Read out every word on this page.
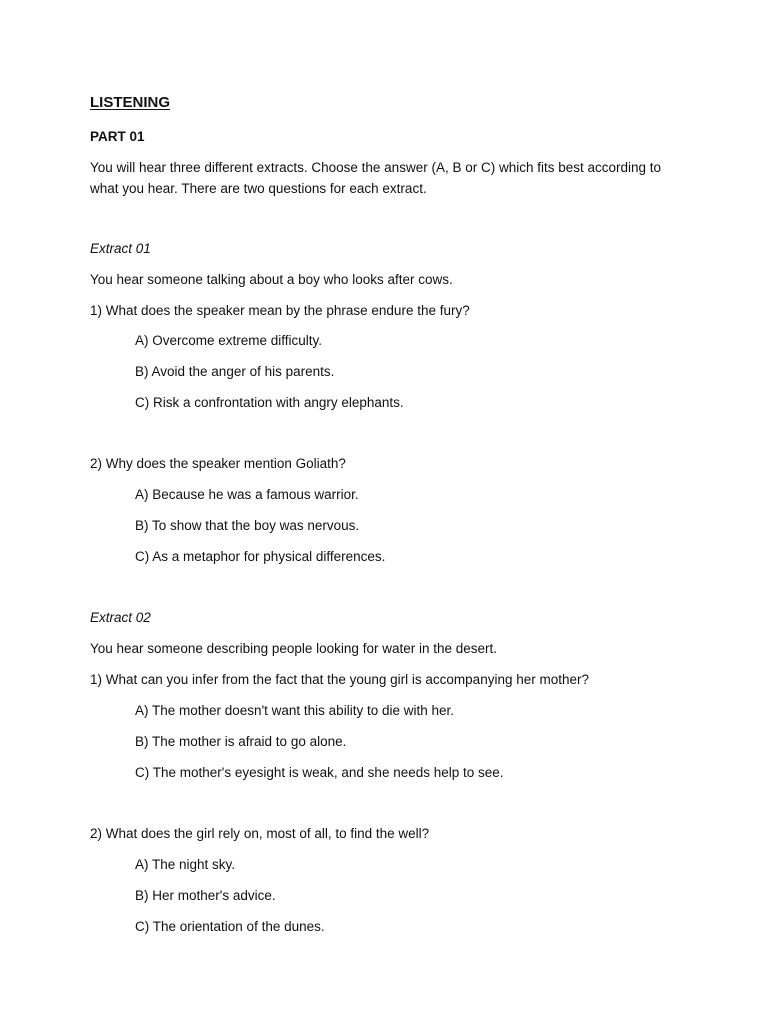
LISTENING
PART 01
You will hear three different extracts. Choose the answer (A, B or C) which fits best according to what you hear. There are two questions for each extract.
Extract 01
You hear someone talking about a boy who looks after cows.
1) What does the speaker mean by the phrase endure the fury?
A) Overcome extreme difficulty.
B) Avoid the anger of his parents.
C) Risk a confrontation with angry elephants.
2) Why does the speaker mention Goliath?
A) Because he was a famous warrior.
B) To show that the boy was nervous.
C) As a metaphor for physical differences.
Extract 02
You hear someone describing people looking for water in the desert.
1) What can you infer from the fact that the young girl is accompanying her mother?
A) The mother doesn't want this ability to die with her.
B) The mother is afraid to go alone.
C) The mother's eyesight is weak, and she needs help to see.
2) What does the girl rely on, most of all, to find the well?
A) The night sky.
B) Her mother's advice.
C) The orientation of the dunes.
